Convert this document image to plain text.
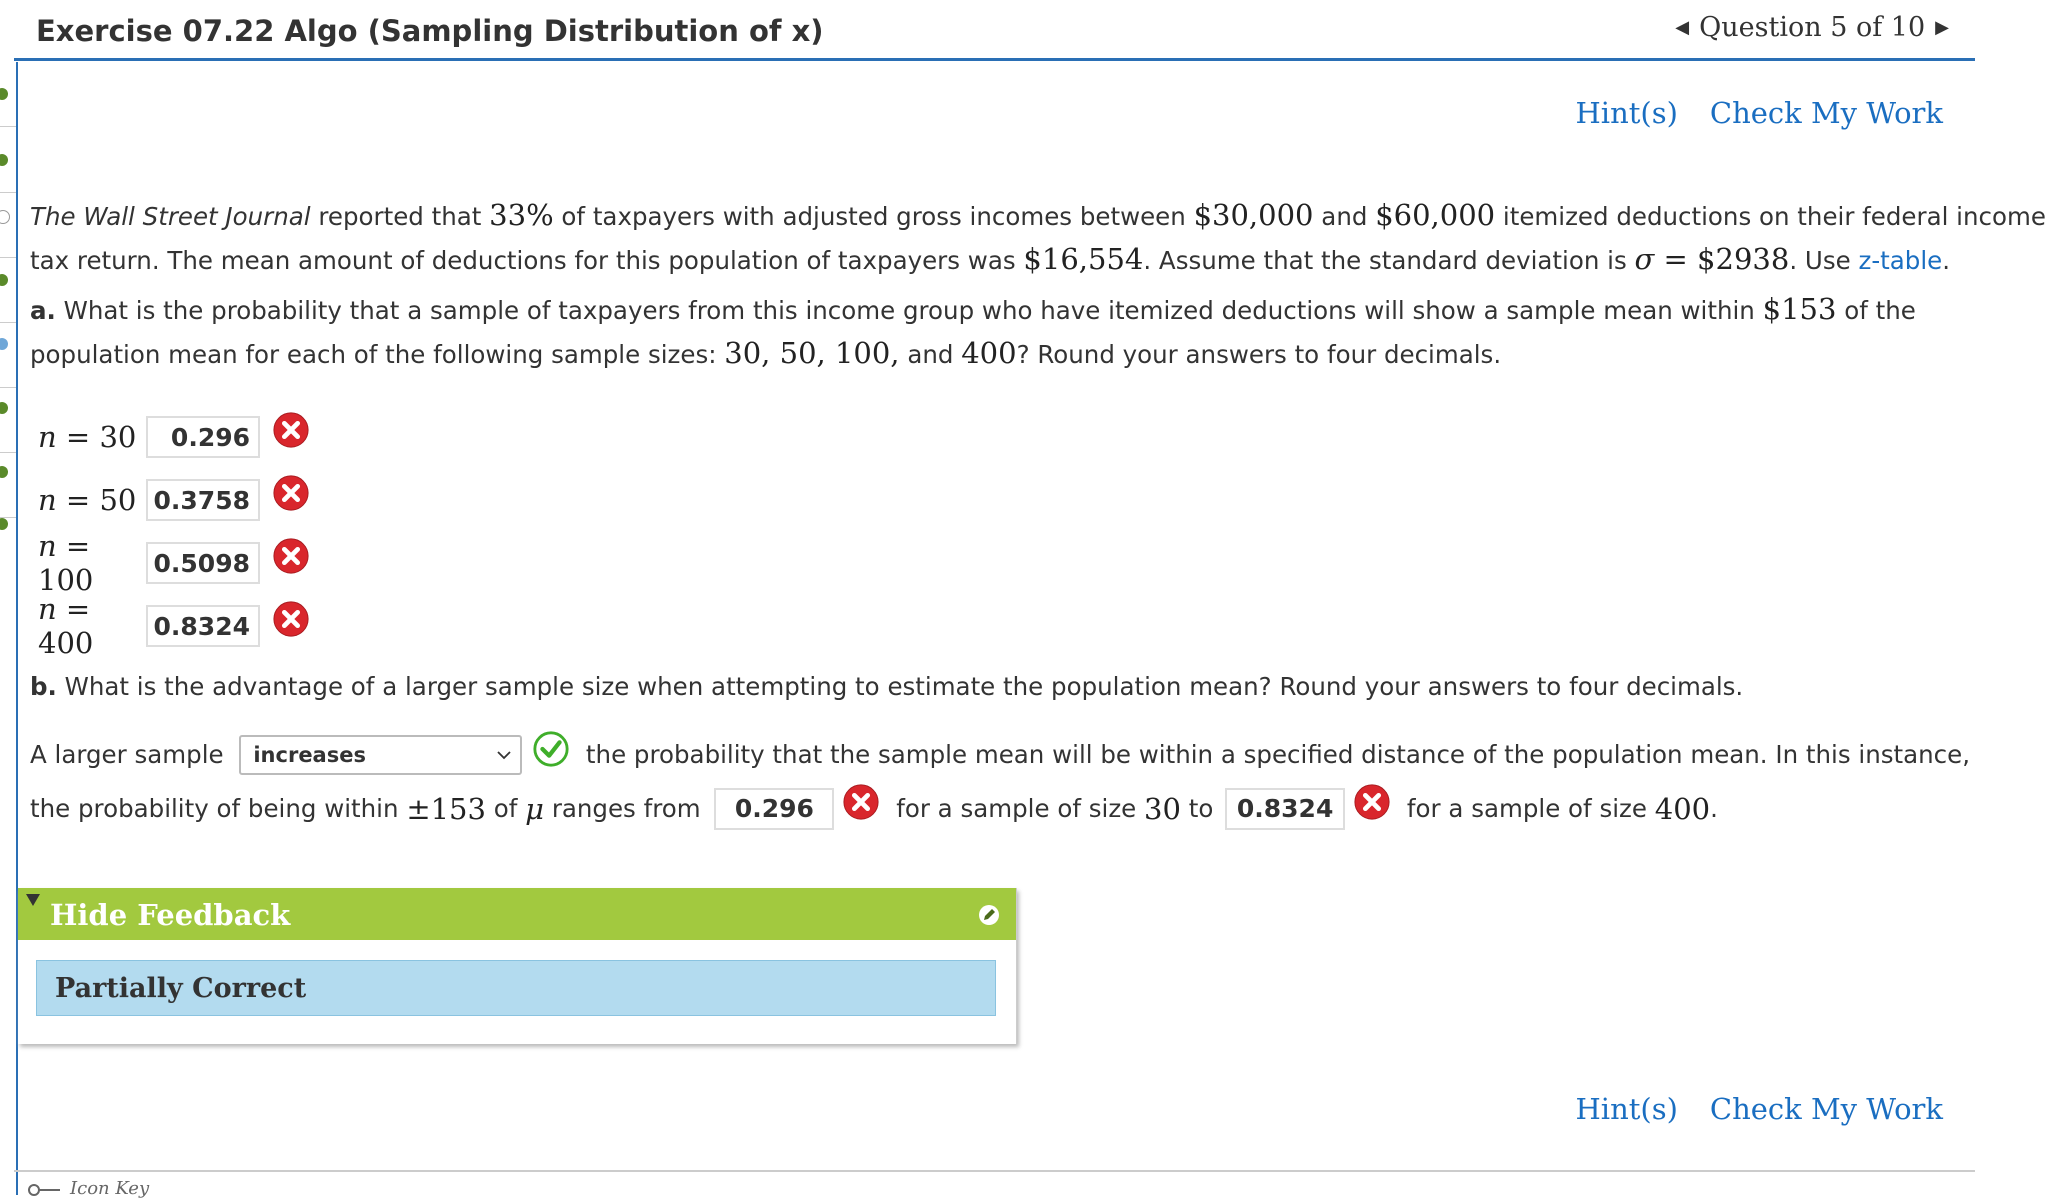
Exercise 07.22 Algo (Sampling Distribution of x)	◀ Question 5 of 10 ▶
Hint(s) Check My Work
The Wall Street Journal reported that 33% of taxpayers with adjusted gross incomes between $30,000 and $60,000 itemized deductions on their federal income
tax return. The mean amount of deductions for this population of taxpayers was $16,554. Assume that the standard deviation is σ = $2938. Use z-table.
a. What is the probability that a sample of taxpayers from this income group who have itemized deductions will show a sample mean within $153 of the
population mean for each of the following sample sizes: 30, 50, 100, and 400? Round your answers to four decimals.
n = 30	0.296
n = 50 0.3758
n = 100	0.5098
n = 400	0.8324
b. What is the advantage of a larger sample size when attempting to estimate the population mean? Round your answers to four decimals.
A larger sample increases	the probability that the sample mean will be within a specified distance of the population mean. In this instance,
the probability of being within ±153 of μ ranges from	0.296	for a sample of size 30 to 0.8324	for a sample of size 400 .
Hide Feedback
Partially Correct
Hint(s) Check My Work
Icon Key
